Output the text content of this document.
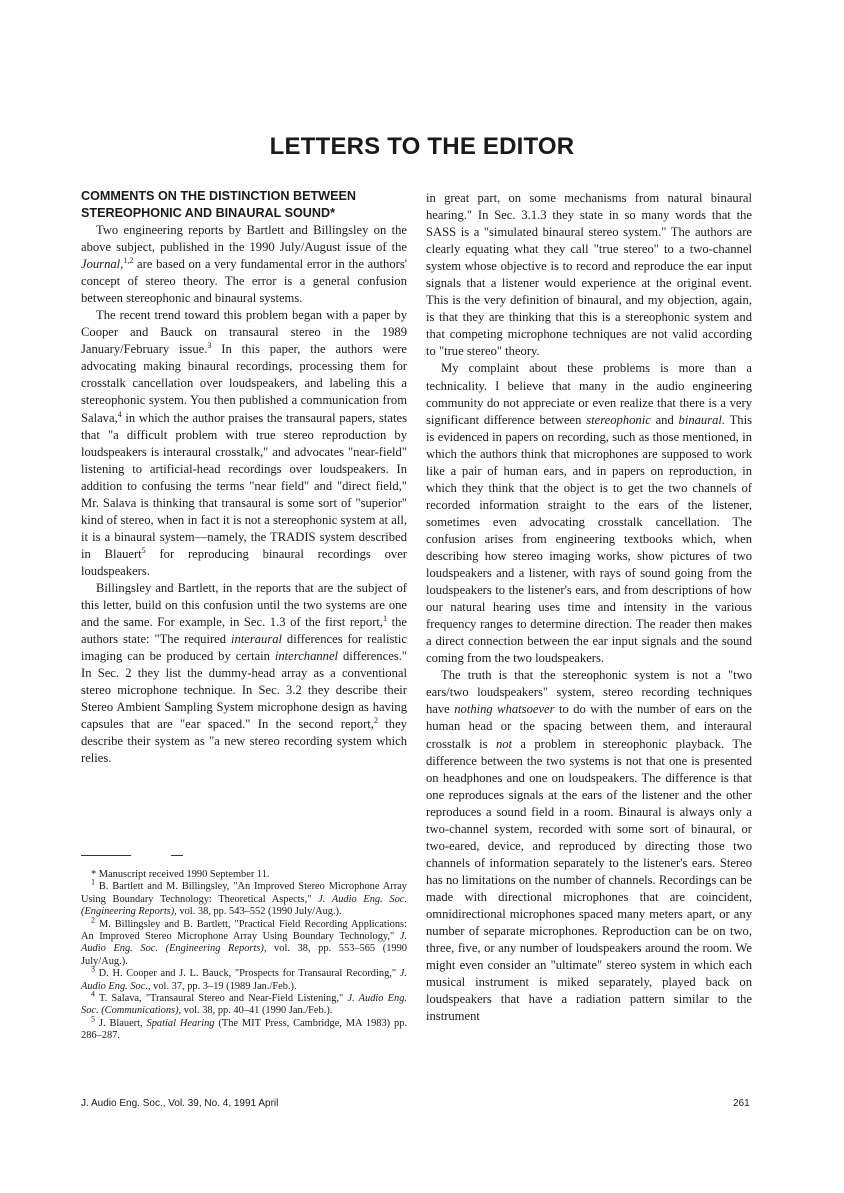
LETTERS TO THE EDITOR
COMMENTS ON THE DISTINCTION BETWEEN STEREOPHONIC AND BINAURAL SOUND*

Two engineering reports by Bartlett and Billingsley on the above subject, published in the 1990 July/August issue of the Journal,$^{1,2}$ are based on a very fundamental error in the authors' concept of stereo theory. The error is a general confusion between stereophonic and binaural systems.

The recent trend toward this problem began with a paper by Cooper and Bauck on transaural stereo in the 1989 January/February issue.$^3$ In this paper, the authors were advocating making binaural recordings, processing them for crosstalk cancellation over loudspeakers, and labeling this a stereophonic system. You then published a communication from Salava,$^4$ in which the author praises the transaural papers, states that "a difficult problem with true stereo reproduction by loudspeakers is interaural crosstalk," and advocates "near-field" listening to artificial-head recordings over loudspeakers. In addition to confusing the terms "near field" and "direct field," Mr. Salava is thinking that transaural is some sort of "superior" kind of stereo, when in fact it is not a stereophonic system at all, it is a binaural system—namely, the TRADIS system described in Blauert$^5$ for reproducing binaural recordings over loudspeakers.

Billingsley and Bartlett, in the reports that are the subject of this letter, build on this confusion until the two systems are one and the same. For example, in Sec. 1.3 of the first report,$^1$ the authors state: "The required interaural differences for realistic imaging can be produced by certain interchannel differences." In Sec. 2 they list the dummy-head array as a conventional stereo microphone technique. In Sec. 3.2 they describe their Stereo Ambient Sampling System microphone design as having capsules that are "ear spaced." In the second report,$^2$ they describe their system as "a new stereo recording system which relies.

in great part, on some mechanisms from natural binaural hearing." In Sec. 3.1.3 they state in so many words that the SASS is a "simulated binaural stereo system." The authors are clearly equating what they call "true stereo" to a two-channel system whose objective is to record and reproduce the ear input signals that a listener would experience at the original event. This is the very definition of binaural, and my objection, again, is that they are thinking that this is a stereophonic system and that competing microphone techniques are not valid according to "true stereo" theory.

My complaint about these problems is more than a technicality. I believe that many in the audio engineering community do not appreciate or even realize that there is a very significant difference between stereophonic and binaural. This is evidenced in papers on recording, such as those mentioned, in which the authors think that microphones are supposed to work like a pair of human ears, and in papers on reproduction, in which they think that the object is to get the two channels of recorded information straight to the ears of the listener, sometimes even advocating crosstalk cancellation. The confusion arises from engineering textbooks which, when describing how stereo imaging works, show pictures of two loudspeakers and a listener, with rays of sound going from the loudspeakers to the listener's ears, and from descriptions of how our natural hearing uses time and intensity in the various frequency ranges to determine direction. The reader then makes a direct connection between the ear input signals and the sound coming from the two loudspeakers.

The truth is that the stereophonic system is not a "two ears/two loudspeakers" system, stereo recording techniques have nothing whatsoever to do with the number of ears on the human head or the spacing between them, and interaural crosstalk is not a problem in stereophonic playback. The difference between the two systems is not that one is presented on headphones and one on loudspeakers. The difference is that one reproduces signals at the ears of the listener and the other reproduces a sound field in a room. Binaural is always only a two-channel system, recorded with some sort of binaural, or two-eared, device, and reproduced by directing those two channels of information separately to the listener's ears. Stereo has no limitations on the number of channels. Recordings can be made with directional microphones that are coincident, omnidirectional microphones spaced many meters apart, or any number of separate microphones. Reproduction can be on two, three, five, or any number of loudspeakers around the room. We might even consider an "ultimate" stereo system in which each musical instrument is miked separately, played back on loudspeakers that have a radiation pattern similar to the instrument

* Manuscript received 1990 September 11.

$^1$ B. Bartlett and M. Billingsley, "An Improved Stereo Microphone Array Using Boundary Technology: Theoretical Aspects," J. Audio Eng. Soc. (Engineering Reports), vol. 38, pp. 543–552 (1990 July/Aug.).

$^2$ M. Billingsley and B. Bartlett, "Practical Field Recording Applications: An Improved Stereo Microphone Array Using Boundary Technology," J. Audio Eng. Soc. (Engineering Reports), vol. 38, pp. 553–565 (1990 July/Aug.).

$^3$ D. H. Cooper and J. L. Bauck, "Prospects for Transaural Recording," J. Audio Eng. Soc., vol. 37, pp. 3–19 (1989 Jan./Feb.).

$^4$ T. Salava, "Transaural Stereo and Near-Field Listening," J. Audio Eng. Soc. (Communications), vol. 38, pp. 40–41 (1990 Jan./Feb.).

$^5$ J. Blauert, Spatial Hearing (The MIT Press, Cambridge, MA 1983) pp. 286–287.

J. Audio Eng. Soc., Vol. 39, No. 4, 1991 April	261
